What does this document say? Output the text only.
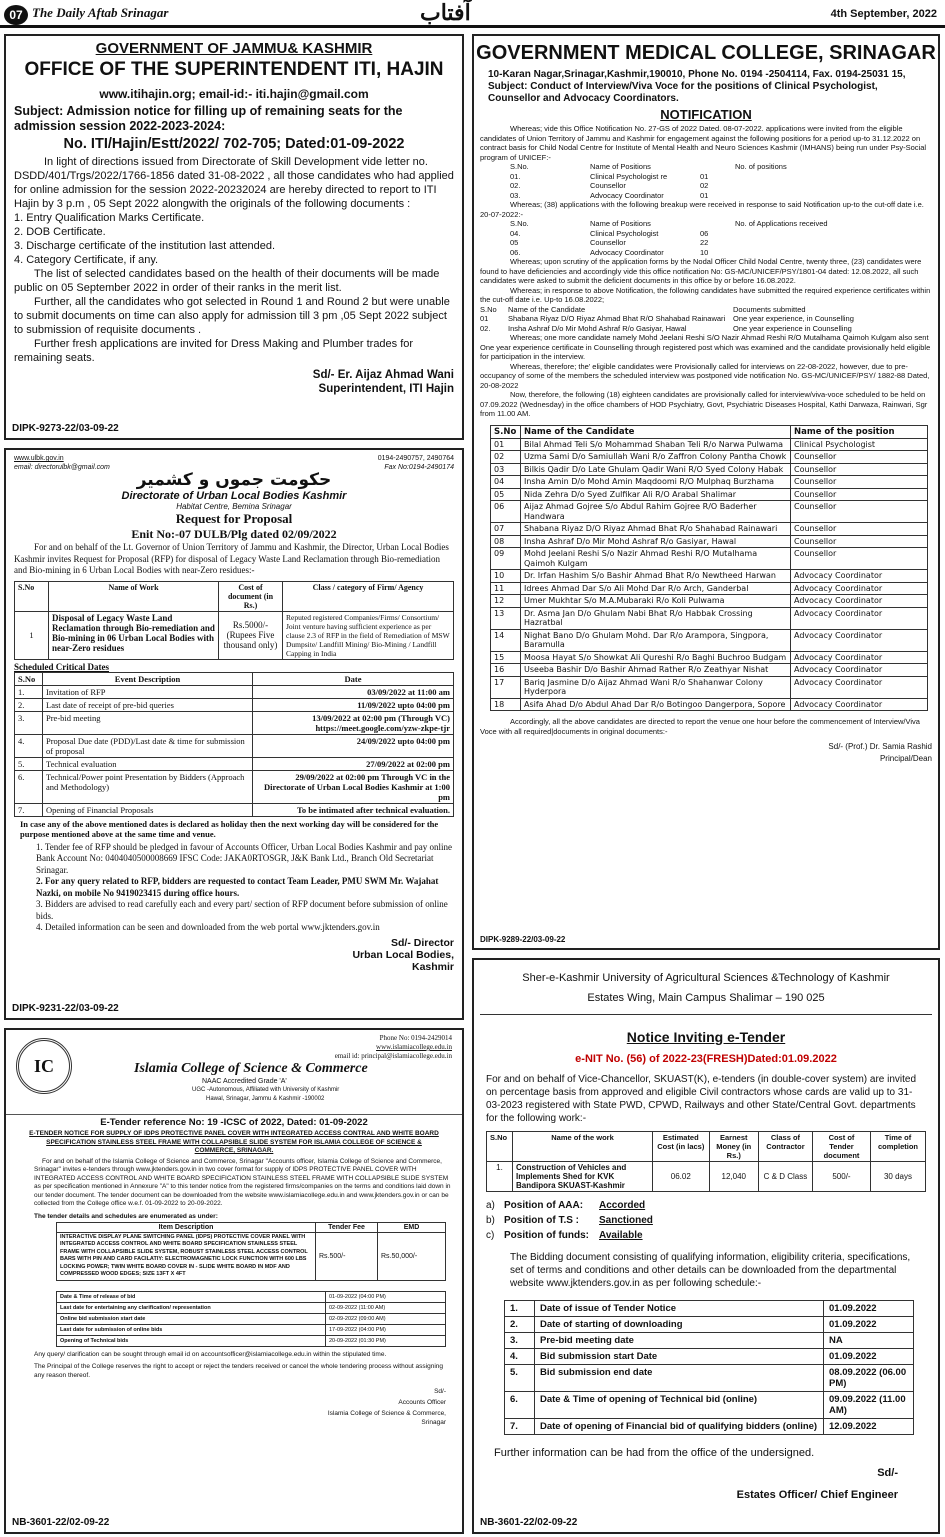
07 The Daily Aftab Srinagar	آفتاب	4th September, 2022
GOVERNMENT OF JAMMU& KASHMIR
OFFICE OF THE SUPERINTENDENT ITI, HAJIN
www.itihajin.org; email-id:- iti.hajin@gmail.com
Subject: Admission notice for filling up of remaining seats for the admission session 2022-2023-2024:
No. ITI/Hajin/Estt/2022/ 702-705; Dated:01-09-2022

In light of directions issued from Directorate of Skill Development vide letter no. DSDD/401/Trgs/2022/1766-1856 dated 31-08-2022 , all those candidates who had applied for online admission for the session 2022-20232024 are hereby directed to report to ITI Hajin by 3 p.m , 05 Sept 2022 alongwith the originals of the following documents :

1. Entry Qualification Marks Certificate.
2. DOB Certificate.
3. Discharge certificate of the institution last attended.
4. Category Certificate, if any.

The list of selected candidates based on the health of their documents will be made public on 05 September 2022 in order of their ranks in the merit list.

Further, all the candidates who got selected in Round 1 and Round 2 but were unable to submit documents on time can also apply for admission till 3 pm ,05 Sept 2022 subject to submission of requisite documents .

Further fresh applications are invited for Dress Making and Plumber trades for remaining seats.

Sd/- Er. Aijaz Ahmad Wani
Superintendent, ITI Hajin
DIPK-9273-22/03-09-22
GOVERNMENT MEDICAL COLLEGE, SRINAGAR
10-Karan Nagar,Srinagar,Kashmir,190010, Phone No. 0194 -2504114, Fax. 0194-25031 15,
Subject: Conduct of Interview/Viva Voce for the positions of Clinical Psychologist, Counsellor and Advocacy Coordinators.
NOTIFICATION
Whereas; vide this Office Notification No. 27-GS of 2022 Dated. 08-07-2022. applications were invited from the eligible candidates of Union Territory of Jammu and Kashmir for engagement against the following positions for a period up-to 31.12.2022 on contract basis for Child Nodal Centre for Institute of Mental Health and Neuro Sciences Kashmir (IMHANS) being run under Psy-Social program of UNICEF:-
S.No.	Name of Positions	No. of positions
01.	Clinical Psychologist re	01
02.	Counsellor	02
03.	Advocacy Coordinator	01
Whereas; (38) applications with the following breakup were received in response to said Notification up-to the cut-off date i.e. 20-07-2022:-
S.No.	Name of Positions	No. of Applications received
04.	Clinical Psychologist	06
05	Counsellor	22
06.	Advocacy Coordinator	10
Whereas; upon scrutiny of the application forms by the Nodal Officer Child Nodal Centre, twenty three, (23) candidates were found to have deficiencies and accordingly vide this office notification No: GS-MC/UNICEF/PSY/1801-04 dated: 12.08.2022, all such candidates were asked to submit the deficient documents in this office by or before 16.08.2022.
Whereas; in response to above Notification, the following candidates have submitted the required experience certificates within the cut-off date i.e. Up-to 16.08.2022;
S.No	Name of the Candidate	Documents submitted
01	Shabana Riyaz D/O Riyaz Ahmad Bhat R/O Shahabad Rainawari	One year experience, in Counselling
02.	Insha Ashraf D/o Mir Mohd Ashraf R/o Gasiyar, Hawal	One year experience in Counselling
Whereas; one more candidate namely Mohd Jeelani Reshi S/O Nazir Ahmad Reshi R/O Mutalhama Qaimoh Kulgam also sent One year experience certificate in Counselling through registered post which was examined and the candidate provisionally held eligible for participation in the interview.
Whereas, therefore; the' eligible candidates were Provisionally called for interviews on 22-08-2022, however, due to pre-occupancy of some of the members the scheduled interview was postponed vide notification No. GS-MC/UNICEF/PSY/ 1882-88 Dated, 20-08-2022
Now, therefore, the following (18) eighteen candidates are provisionally called for interview/viva-voce scheduled to be held on 07.09.2022 (Wednesday) in the office chambers of HOD Psychiatry, Govt, Psychiatric Diseases Hospital, Kathi Darwaza, Rainwari, Sgr from 11.00 AM.
S.No	Name of the Candidate	Name of the position
01	Bilal Ahmad Teli S/o Mohammad Shaban Teli R/o Narwa Pulwama	Clinical Psychologist
02	Uzma Sami D/o Samiullah Wani R/o Zaffron Colony Pantha Chowk	Counsellor
03	Bilkis Qadir D/o Late Ghulam Qadir Wani R/O Syed Colony Habak	Counsellor
04	Insha Amin D/o Mohd Amin Maqdoomi R/O Mulphaq Burzhama	Counsellor
05	Nida Zehra D/o Syed Zulfikar Ali R/O Arabal Shalimar	Counsellor
06	Aijaz Ahmad Gojree S/o Abdul Rahim Gojree R/O Baderher Handwara	Counsellor
07	Shabana Riyaz D/O Riyaz Ahmad Bhat R/o Shahabad Rainawari	Counsellor
08	Insha Ashraf D/o Mir Mohd Ashraf R/o Gasiyar, Hawal	Counsellor
09	Mohd Jeelani Reshi S/o Nazir Ahmad Reshi R/O Mutalhama Qaimoh Kulgam	Counsellor
10	Dr. Irfan Hashim S/o Bashir Ahmad Bhat R/o Newtheed Harwan	Advocacy Coordinator
11	Idrees Ahmad Dar S/o Ali Mohd Dar R/o Arch, Ganderbal	Advocacy Coordinator
12	Umer Mukhtar S/o M.A.Mubaraki R/o Koli Pulwama	Advocacy Coordinator
13	Dr. Asma Jan D/o Ghulam Nabi Bhat R/o Habbak Crossing Hazratbal	Advocacy Coordinator
14	Nighat Bano D/o Ghulam Mohd. Dar R/o Arampora, Singpora, Baramulla	Advocacy Coordinator
15	Moosa Hayat S/o Showkat Ali Qureshi R/o Baghi Buchroo Budgam	Advocacy Coordinator
16	Useeba Bashir D/o Bashir Ahmad Rather R/o Zeathyar Nishat	Advocacy Coordinator
17	Bariq Jasmine D/o Aijaz Ahmad Wani R/o Shahanwar Colony Hyderpora	Advocacy Coordinator
18	Asifa Ahad D/o Abdul Ahad Dar R/o Botingoo Dangerpora, Sopore	Advocacy Coordinator
Accordingly, all the above candidates are directed to report the venue one hour before the commencement of Interview/Viva Voce with all required|documents in original documents:-
Sd/- (Prof.) Dr. Samia Rashid
Principal/Dean
DIPK-9289-22/03-09-22
www.ulbk.gov.in
email: directorulbk@gmail.com
0194-2490757, 2490764
Fax No:0194-2490174
حکومت جموں و کشمیر
Directorate of Urban Local Bodies Kashmir
Habitat Centre, Bemina Srinagar
Request for Proposal
Enit No:-07 DULB/Plg dated 02/09/2022
For and on behalf of the Lt. Governor of Union Territory of Jammu and Kashmir, the Director, Urban Local Bodies Kashmir invites Request for Proposal (RFP) for disposal of Legacy Waste Land Reclamation through Bio-remediation and Bio-mining in 6 Urban Local Bodies with near-Zero residues:-
S.No	Name of Work	Cost of document (in Rs.)	Class / category of Firm/ Agency
1	Disposal of Legacy Waste Land Reclamation through Bio-remediation and Bio-mining in 06 Urban Local Bodies with near-Zero residues	Rs.5000/- (Rupees Five thousand only)	Reputed registered Companies/Firms/ Consortium/ Joint venture having sufficient experience as per clause 2.3 of RFP in the field of Remediation of MSW Dumpsite/ Landfill Mining/ Bio-Mining / Landfill Capping in India
Scheduled Critical Dates
S.No	Event Description	Date
1.	Invitation of RFP	03/09/2022 at 11:00 am
2.	Last date of receipt of pre-bid queries	11/09/2022 upto 04:00 pm
3.	Pre-bid meeting	13/09/2022 at 02:00 pm (Through VC) https://meet.google.com/yzw-zkpe-tjr
4.	Proposal Due date (PDD)/Last date & time for submission of proposal	24/09/2022 upto 04:00 pm
5.	Technical evaluation	27/09/2022 at 02:00 pm
6.	Technical/Power point Presentation by Bidders (Approach and Methodology)	29/09/2022 at 02:00 pm Through VC in the Directorate of Urban Local Bodies Kashmir at 1:00 pm
7.	Opening of Financial Proposals	To be intimated after technical evaluation.
In case any of the above mentioned dates is declared as holiday then the next working day will be considered for the purpose mentioned above at the same time and venue.
1. Tender fee of RFP should be pledged in favour of Accounts Officer, Urban Local Bodies Kashmir and pay online Bank Account No: 0404040500008669 IFSC Code: JAKA0RTOSGR, J&K Bank Ltd., Branch Old Secretariat Srinagar.
2. For any query related to RFP, bidders are requested to contact Team Leader, PMU SWM Mr. Wajahat Nazki, on mobile No 9419023415 during office hours.
3. Bidders are advised to read carefully each and every part/ section of RFP document before submission of online bids.
4. Detailed information can be seen and downloaded from the web portal www.jktenders.gov.in
Sd/- Director
Urban Local Bodies,
Kashmir
DIPK-9231-22/03-09-22
IC
Phone No: 0194-2429014
www.islamiacollege.edu.in
email id: principal@islamiacollege.edu.in
Islamia College of Science & Commerce
NAAC Accredited Grade 'A'
UGC -Autonomous, Affiliated with University of Kashmir
Hawal, Srinagar, Jammu & Kashmir -190002
E-Tender reference No: 19 -ICSC of 2022, Dated: 01-09-2022
E-TENDER NOTICE FOR SUPPLY OF IDPS PROTECTIVE PANEL COVER WITH INTEGRATED ACCESS CONTRAL AND WHITE BOARD SPECIFICATION STAINLESS STEEL FRAME WITH COLLAPSIBLE SLIDE SYSTEM FOR ISLAMIA COLLEGE OF SCIENCE & COMMERCE, SRINAGAR.
For and on behalf of the Islamia College of Science and Commerce, Srinagar "Accounts officer, Islamia College of Science and Commerce, Srinagar" invites e-tenders through www.jktenders.gov.in in two cover format for supply of IDPS PROTECTIVE PANEL COVER WITH INTEGRATED ACCESS CONTROL AND WHITE BOARD SPECIFICATION STAINLESS STEEL FRAME WITH COLLAPSIBLE SLIDE SYSTEM as per specification mentioned in Annexure "A" to this tender notice from the registered firms/companies on the terms and conditions laid down in our tender document. The tender document can be downloaded from the website www.islamiacollege.edu.in and www.jktenders.gov.in or can be collected from the College office w.e.f. 01-09-2022 to 20-09-2022.
The tender details and schedules are enumerated as under:
Item Description	Tender Fee	EMD
INTERACTIVE DISPLAY PLANE SWITCHING PANEL (IDPS) PROTECTIVE COVER PANEL WITH INTEGRATED ACCESS CONTROL AND WHITE BOARD SPECIFICATION STAINLESS STEEL FRAME WITH COLLAPSIBLE SLIDE SYSTEM, ROBUST STAINLESS STEEL ACCESS CONTROL BARS WITH PIN AND CARD FACILATIY: ELECTROMAGNETIC LOCK FUNCTION WITH 600 LBS LOCKING POWER; TWIN WHITE BOARD COVER IN - SLIDE WHITE BOARD IN MDF AND COMPRESSED WOOD EDGES; SIZE 13FT X 4FT	Rs.500/-	Rs.50,000/-
Date & Time of release of bid	01-09-2022 (04:00 PM)
Last date for entertaining any clarification/ representation	02-09-2022 (11:00 AM)
Online bid submission start date	02-09-2022 (09:00 AM)
Last date for submission of online bids	17-09-2022 (04:00 PM)
Opening of Technical bids	20-09-2022 (01:30 PM)
Any query/ clarification can be sought through email id on accountsofficer@islamiacollege.edu.in within the stipulated time.
The Principal of the College reserves the right to accept or reject the tenders received or cancel the whole tendering process without assigning any reason thereof.
Sd/-
Accounts Officer
Islamia College of Science & Commerce,
Srinagar
NB-3601-22/02-09-22
Sher-e-Kashmir University of Agricultural Sciences &Technology of Kashmir
Estates Wing, Main Campus Shalimar – 190 025
Notice Inviting e-Tender
e-NIT No. (56) of 2022-23(FRESH)Dated:01.09.2022
For and on behalf of Vice-Chancellor, SKUAST(K), e-tenders (in double-cover system) are invited on percentage basis from approved and eligible Civil contractors whose cards are valid up to 31-03-2023 registered with State PWD, CPWD, Railways and other State/Central Govt. departments for the following work:-
S.No	Name of the work	Estimated Cost (in lacs)	Earnest Money (in Rs.)	Class of Contractor	Cost of Tender document	Time of completion
1.	Construction of Vehicles and Implements Shed for KVK Bandipora SKUAST-Kashmir	06.02	12,040	C & D Class	500/-	30 days
a) Position of AAA: Accorded
b) Position of T.S : Sanctioned
c) Position of funds: Available
The Bidding document consisting of qualifying information, eligibility criteria, specifications, set of terms and conditions and other details can be downloaded from the departmental website www.jktenders.gov.in as per following schedule:-
1.	Date of issue of Tender Notice	01.09.2022
2.	Date of starting of downloading	01.09.2022
3.	Pre-bid meeting date	NA
4.	Bid submission start Date	01.09.2022
5.	Bid submission end date	08.09.2022 (06.00 PM)
6.	Date & Time of opening of Technical bid (online)	09.09.2022 (11.00 AM)
7.	Date of opening of Financial bid of qualifying bidders (online)	12.09.2022
Further information can be had from the office of the undersigned.
Sd/-
Estates Officer/ Chief Engineer
NB-3601-22/02-09-22
